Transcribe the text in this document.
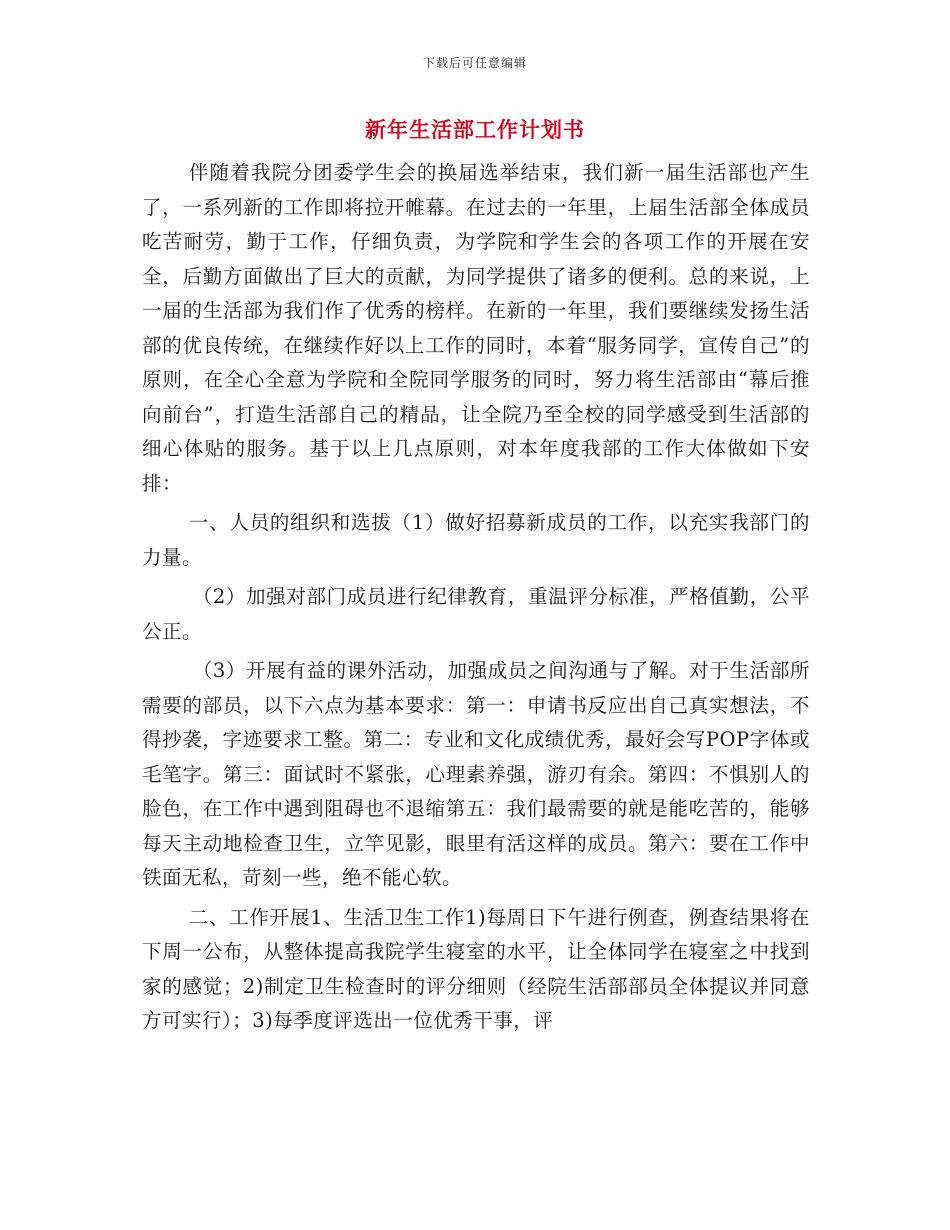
下载后可任意编辑
新年生活部工作计划书

伴随着我院分团委学生会的换届选举结束，我们新一届生活部也产生了，一系列新的工作即将拉开帷幕。在过去的一年里，上届生活部全体成员吃苦耐劳，勤于工作，仔细负责，为学院和学生会的各项工作的开展在安全，后勤方面做出了巨大的贡献，为同学提供了诸多的便利。总的来说，上一届的生活部为我们作了优秀的榜样。在新的一年里，我们要继续发扬生活部的优良传统，在继续作好以上工作的同时，本着“服务同学，宣传自己”的原则，在全心全意为学院和全院同学服务的同时，努力将生活部由“幕后推向前台”，打造生活部自己的精品，让全院乃至全校的同学感受到生活部的细心体贴的服务。基于以上几点原则，对本年度我部的工作大体做如下安排：

一、人员的组织和选拔（1）做好招募新成员的工作，以充实我部门的力量。

（2）加强对部门成员进行纪律教育，重温评分标准，严格值勤，公平公正。

（3）开展有益的课外活动，加强成员之间沟通与了解。对于生活部所需要的部员，以下六点为基本要求：第一：申请书反应出自己真实想法，不得抄袭，字迹要求工整。第二：专业和文化成绩优秀，最好会写POP字体或毛笔字。第三：面试时不紧张，心理素养强，游刃有余。第四：不惧别人的脸色，在工作中遇到阻碍也不退缩第五：我们最需要的就是能吃苦的，能够每天主动地检查卫生，立竿见影，眼里有活这样的成员。第六：要在工作中铁面无私，苛刻一些，绝不能心软。

二、工作开展1、生活卫生工作1)每周日下午进行例查，例查结果将在下周一公布，从整体提高我院学生寝室的水平，让全体同学在寝室之中找到家的感觉；2)制定卫生检查时的评分细则（经院生活部部员全体提议并同意方可实行）；3)每季度评选出一位优秀干事，评
